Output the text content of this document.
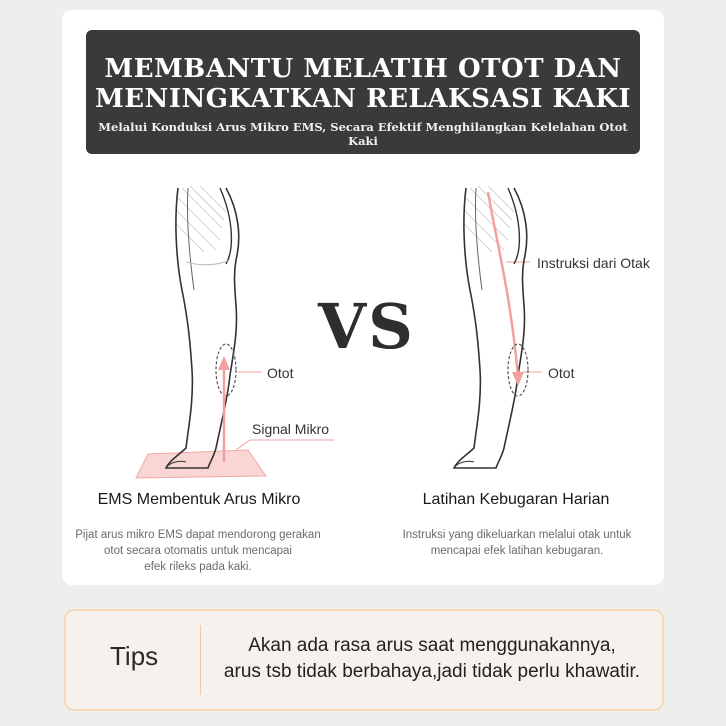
MEMBANTU MELATIH OTOT DAN
MENINGKATKAN RELAKSASI KAKI
Melalui Konduksi Arus Mikro EMS, Secara Efektif Menghilangkan Kelelahan Otot Kaki
Otot
Signal Mikro
VS
Instruksi dari Otak
Otot
EMS Membentuk Arus Mikro
Pijat arus mikro EMS dapat mendorong gerakan
otot secara otomatis untuk mencapai
efek rileks pada kaki.
Latihan Kebugaran Harian
Instruksi yang dikeluarkan melalui otak untuk
mencapai efek latihan kebugaran.
Tips	Akan ada rasa arus saat menggunakannya,
arus tsb tidak berbahaya,jadi tidak perlu khawatir.
